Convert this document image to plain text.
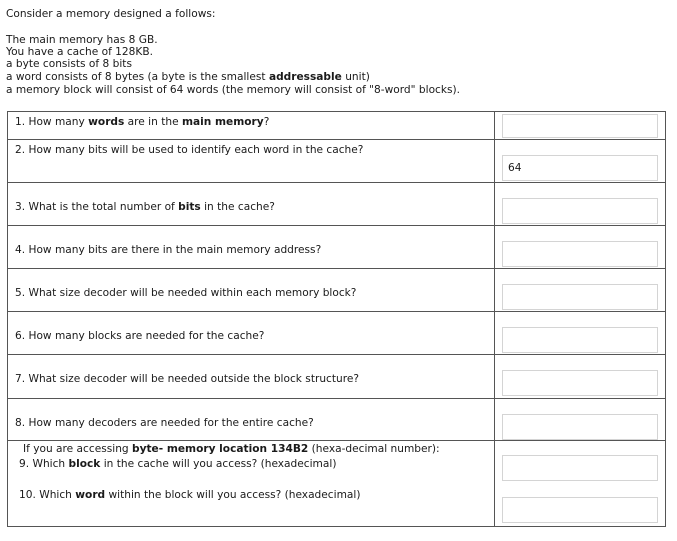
Consider a memory designed a follows:
The main memory has 8 GB.
You have a cache of 128KB.
a byte consists of 8 bits
a word consists of 8 bytes (a byte is the smallest addressable unit)
a memory block will consist of 64 words (the memory will consist of "8-word" blocks).
1. How many words are in the main memory?

2. How many bits will be used to identify each word in the cache?

64

3. What is the total number of bits in the cache?

4. How many bits are there in the main memory address?

5. What size decoder will be needed within each memory block?

6. How many blocks are needed for the cache?

7. What size decoder will be needed outside the block structure?

8. How many decoders are needed for the entire cache?

If you are accessing byte- memory location 134B2 (hexa-decimal number):
9. Which block in the cache will you access? (hexadecimal)
10. Which word within the block will you access? (hexadecimal)
